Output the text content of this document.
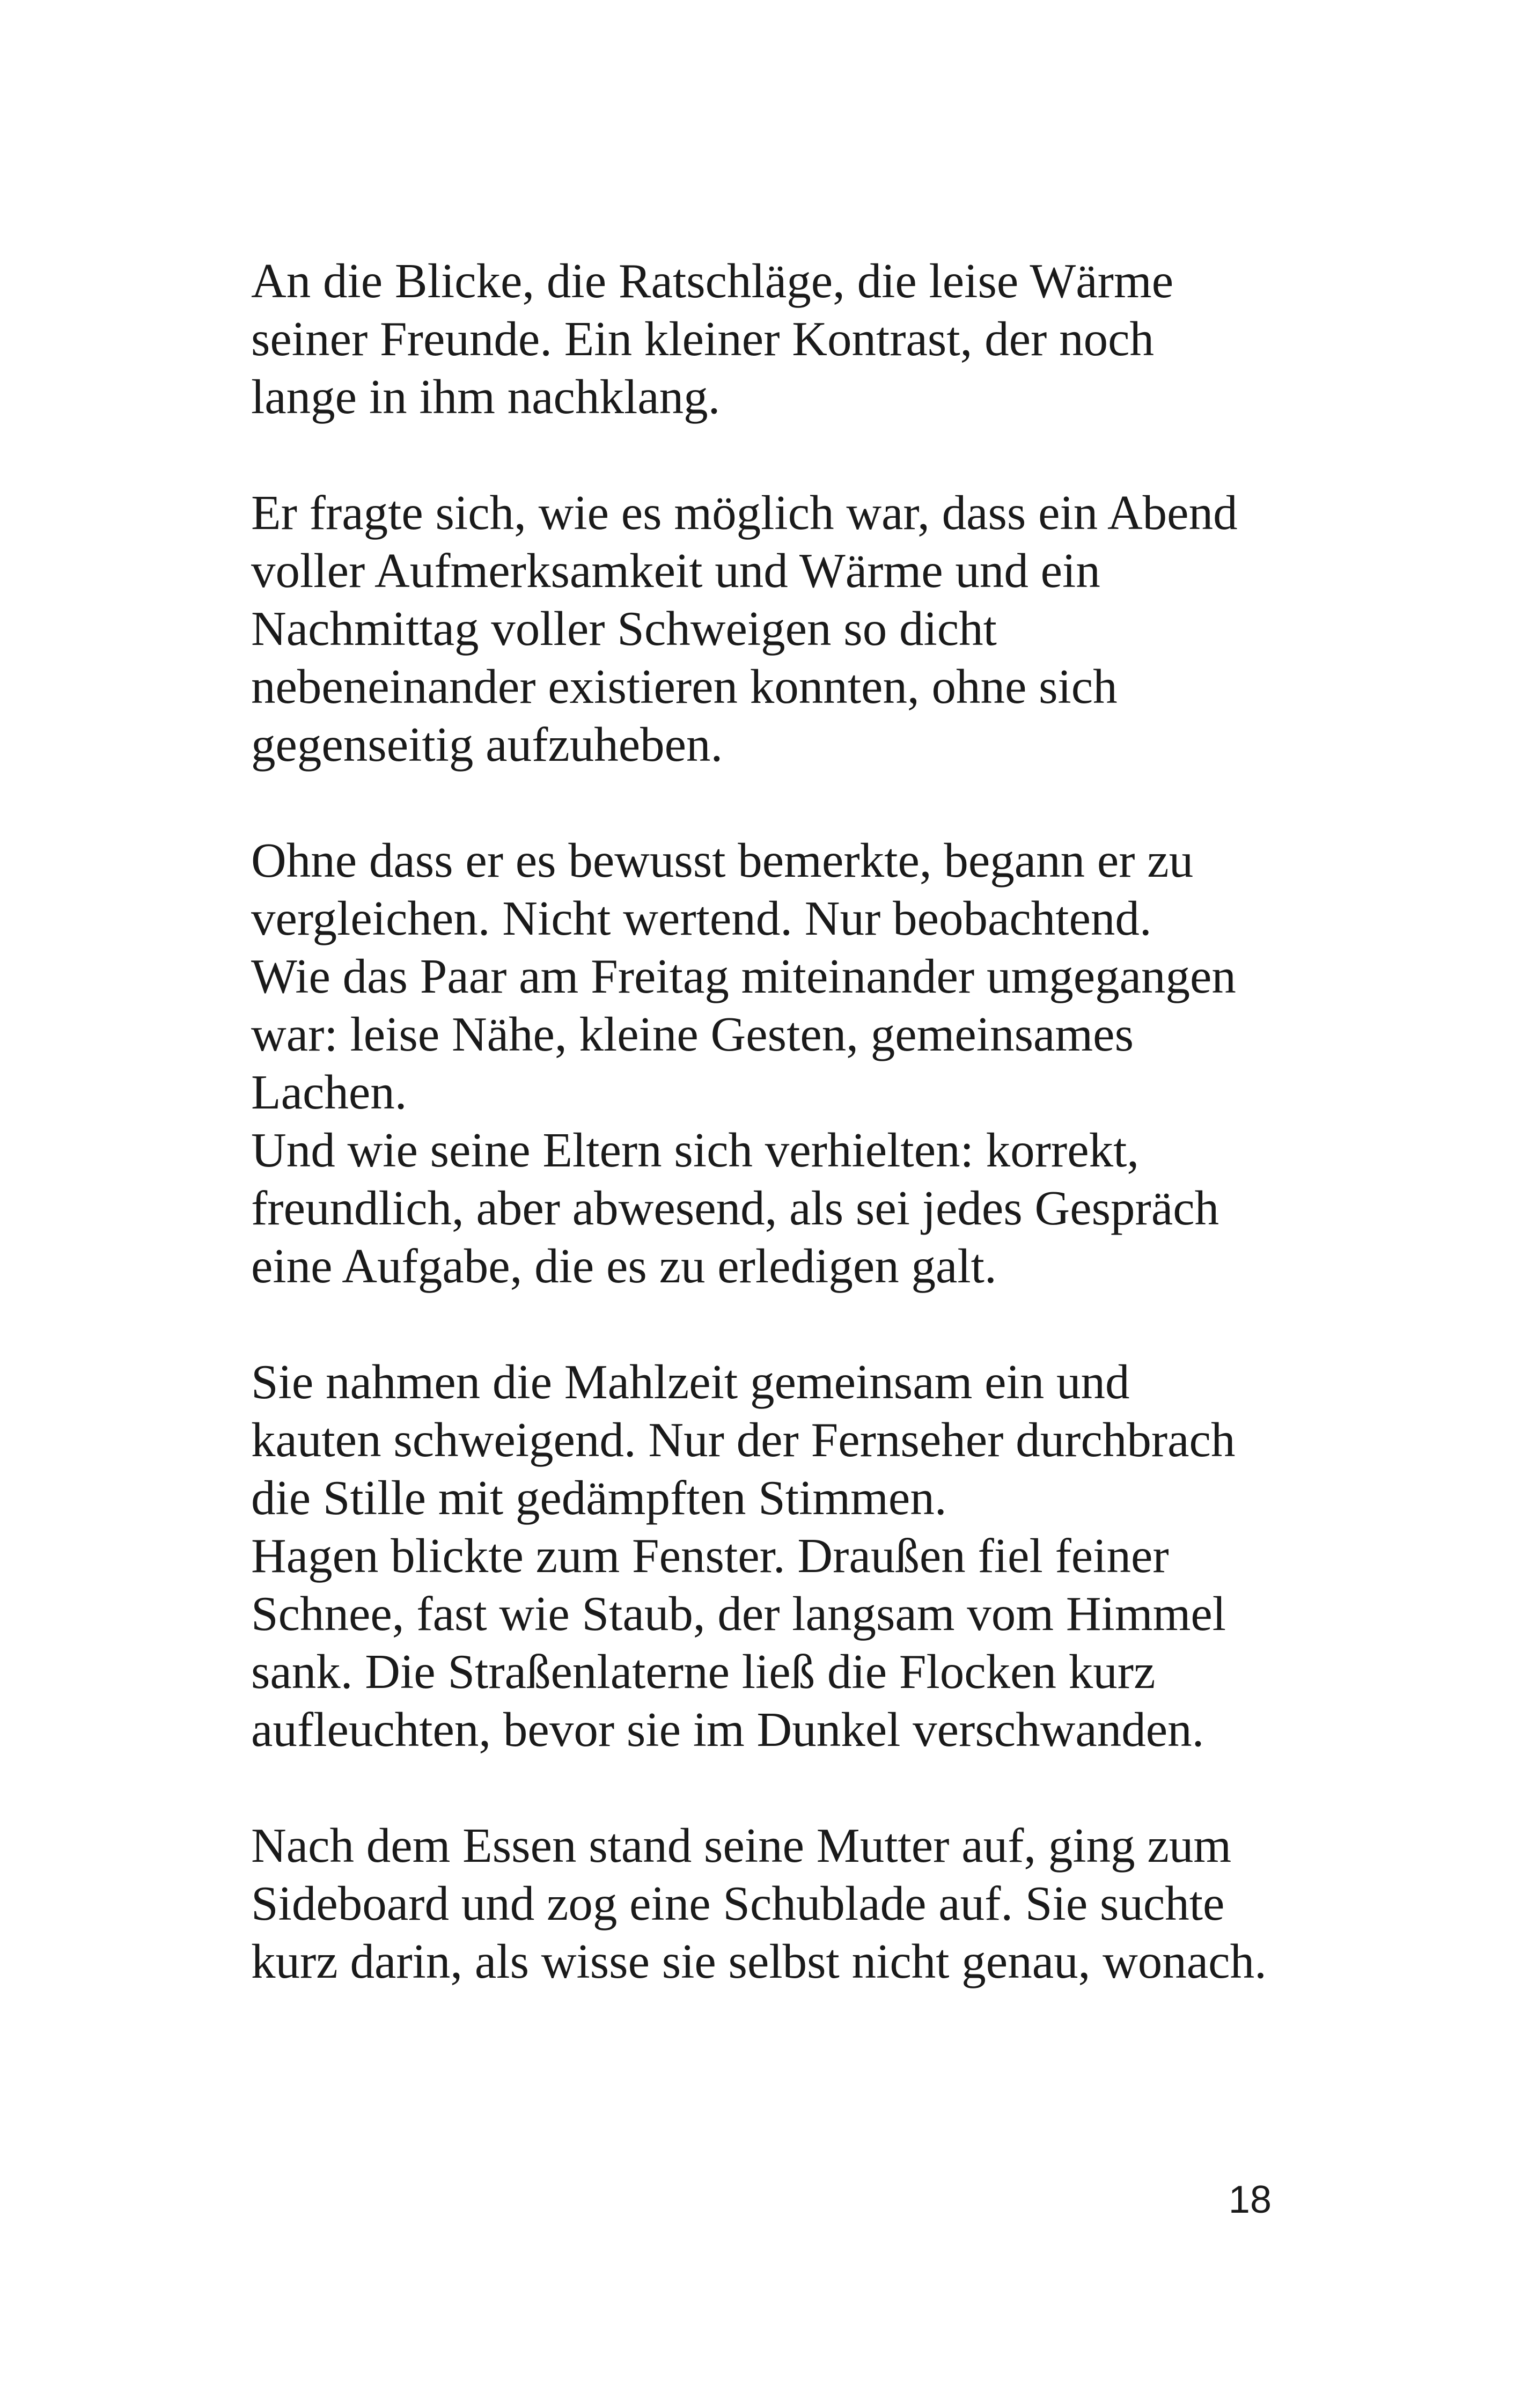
An die Blicke, die Ratschläge, die leise Wärme
seiner Freunde. Ein kleiner Kontrast, der noch
lange in ihm nachklang.

Er fragte sich, wie es möglich war, dass ein Abend
voller Aufmerksamkeit und Wärme und ein
Nachmittag voller Schweigen so dicht
nebeneinander existieren konnten, ohne sich
gegenseitig aufzuheben.

Ohne dass er es bewusst bemerkte, begann er zu
vergleichen. Nicht wertend. Nur beobachtend.
Wie das Paar am Freitag miteinander umgegangen
war: leise Nähe, kleine Gesten, gemeinsames
Lachen.
Und wie seine Eltern sich verhielten: korrekt,
freundlich, aber abwesend, als sei jedes Gespräch
eine Aufgabe, die es zu erledigen galt.

Sie nahmen die Mahlzeit gemeinsam ein und
kauten schweigend. Nur der Fernseher durchbrach
die Stille mit gedämpften Stimmen.
Hagen blickte zum Fenster. Draußen fiel feiner
Schnee, fast wie Staub, der langsam vom Himmel
sank. Die Straßenlaterne ließ die Flocken kurz
aufleuchten, bevor sie im Dunkel verschwanden.

Nach dem Essen stand seine Mutter auf, ging zum
Sideboard und zog eine Schublade auf. Sie suchte
kurz darin, als wisse sie selbst nicht genau, wonach.

18
